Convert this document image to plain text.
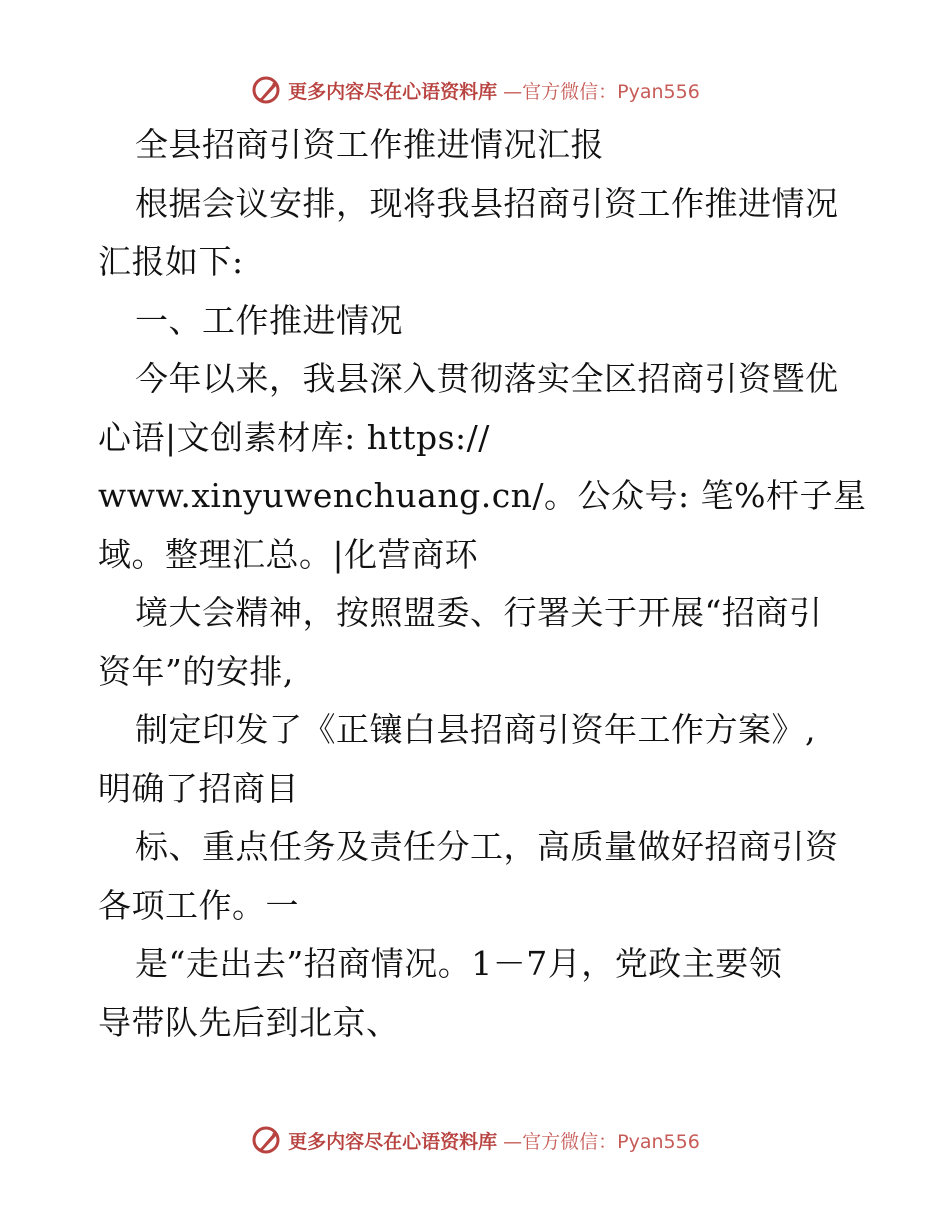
更多内容尽在心语资料库 —官方微信：Pyan556
全县招商引资工作推进情况汇报
根据会议安排，现将我县招商引资工作推进情况
汇报如下:
一、工作推进情况
今年以来，我县深入贯彻落实全区招商引资暨优
心语|文创素材库: https://
www.xinyuwenchuang.cn/。公众号: 笔%杆子星
域。整理汇总。|化营商环
境大会精神，按照盟委、行署关于开展“招商引
资年”的安排,
制定印发了《正镶白县招商引资年工作方案》,
明确了招商目
标、重点任务及责任分工，高质量做好招商引资
各项工作。一
是“走出去”招商情况。1－7月，党政主要领
导带队先后到北京、
更多内容尽在心语资料库 —官方微信：Pyan556
